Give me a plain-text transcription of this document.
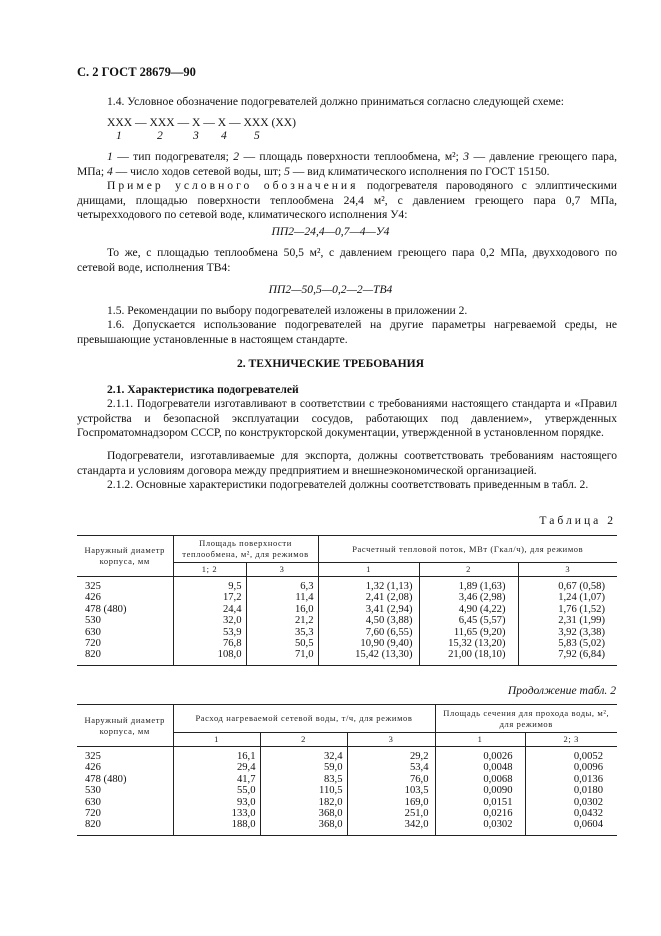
С. 2 ГОСТ 28679—90

1.4. Условное обозначение подогревателей должно приниматься согласно следующей схеме:

XXX — XXX — X — X — XXX (XX)
1	2	3 4 5

1 — тип подогревателя; 2 — площадь поверхности теплообмена, м²; 3 — давление греющего пара, МПа; 4 — число ходов сетевой воды, шт; 5 — вид климатического исполнения по ГОСТ 15150.

Пример условного обозначения подогревателя пароводяного с эллиптическими днищами, площадью поверхности теплообмена 24,4 м², с давлением греющего пара 0,7 МПа, четырехходового по сетевой воде, климатического исполнения У4:

ПП2—24,4—0,7—4—У4

То же, с площадью теплообмена 50,5 м², с давлением греющего пара 0,2 МПа, двухходового по сетевой воде, исполнения ТВ4:

ПП2—50,5—0,2—2—ТВ4

1.5. Рекомендации по выбору подогревателей изложены в приложении 2.

1.6. Допускается использование подогревателей на другие параметры нагреваемой среды, не превышающие установленные в настоящем стандарте.

2. ТЕХНИЧЕСКИЕ ТРЕБОВАНИЯ
2.1. Характеристика подогревателей

2.1.1. Подогреватели изготавливают в соответствии с требованиями настоящего стандарта и «Правил устройства и безопасной эксплуатации сосудов, работающих под давлением», утвержденных Госпроматомнадзором СССР, по конструкторской документации, утвержденной в установленном порядке.

Подогреватели, изготавливаемые для экспорта, должны соответствовать требованиям настоящего стандарта и условиям договора между предприятием и внешнеэкономической организацией.

2.1.2. Основные характеристики подогревателей должны соответствовать приведенным в табл. 2.

Таблица 2
Наружный диаметр корпуса, мм	Площадь поверхности теплообмена, м², для режимов		Расчетный тепловой поток, МВт (Гкал/ч), для режимов		
	1; 2	3	1	2	3
325	9,5	6,3	1,32 (1,13)	1,89 (1,63)	0,67 (0,58)
426	17,2	11,4	2,41 (2,08)	3,46 (2,98)	1,24 (1,07)
478 (480)	24,4	16,0	3,41 (2,94)	4,90 (4,22)	1,76 (1,52)
530	32,0	21,2	4,50 (3,88)	6,45 (5,57)	2,31 (1,99)
630	53,9	35,3	7,60 (6,55)	11,65 (9,20)	3,92 (3,38)
720	76,8	50,5	10,90 (9,40)	15,32 (13,20)	5,83 (5,02)
820	108,0	71,0	15,42 (13,30)	21,00 (18,10)	7,92 (6,84)
Продолжение табл. 2
Наружный диаметр корпуса, мм	Расход нагреваемой сетевой воды, т/ч, для режимов			Площадь сечения для прохода воды, м², для режимов	
	1	2	3	1	2; 3
325	16,1	32,4	29,2	0,0026	0,0052
426	29,4	59,0	53,4	0,0048	0,0096
478 (480)	41,7	83,5	76,0	0,0068	0,0136
530	55,0	110,5	103,5	0,0090	0,0180
630	93,0	182,0	169,0	0,0151	0,0302
720	133,0	368,0	251,0	0,0216	0,0432
820	188,0	368,0	342,0	0,0302	0,0604
